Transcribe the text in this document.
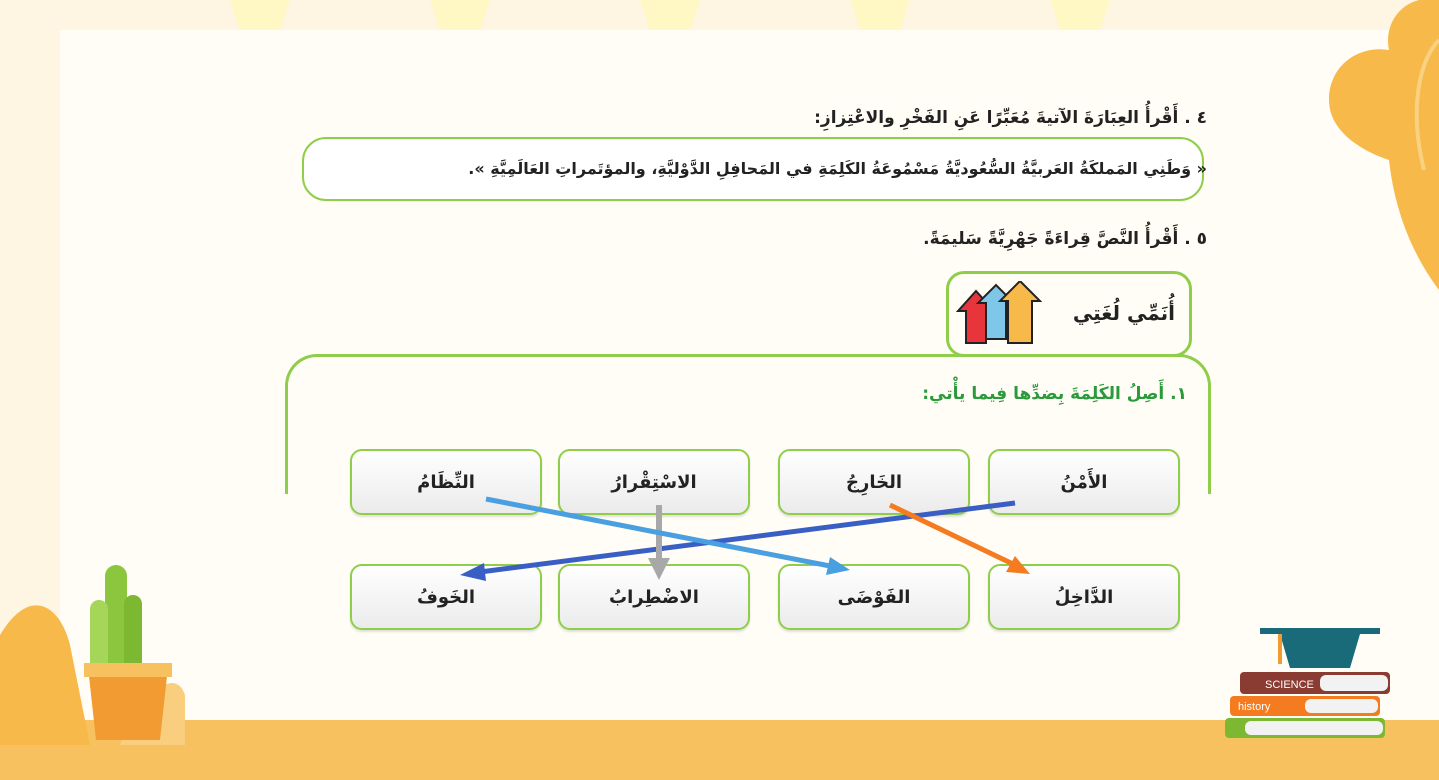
SCIENCE
history
٤ . أَقْرأُ العِبَارَةَ الآتيةَ مُعَبِّرًا عَنِ الفَخْرِ والاعْتِزازِ:
« وَطَنِي المَملكَةُ العَربيَّةُ السُّعُوديَّةُ مَسْمُوعَةُ الكَلِمَةِ في المَحافِلِ الدَّوْليَّةِ، والمؤتَمراتِ العَالَمِيَّةِ ».
٥ . أَقْرأُ النَّصَّ قِراءَةً جَهْرِيَّةً سَليمَةً.
أُنَمِّي لُغَتِي
١. أَصِلُ الكَلِمَةَ بِضدِّها فِيما يأْتي:
الأَمْنُ
الخَارِجُ
الاسْتِقْرارُ
النِّظَامُ
الدَّاخِلُ
الفَوْضَى
الاضْطِرابُ
الخَوفُ
